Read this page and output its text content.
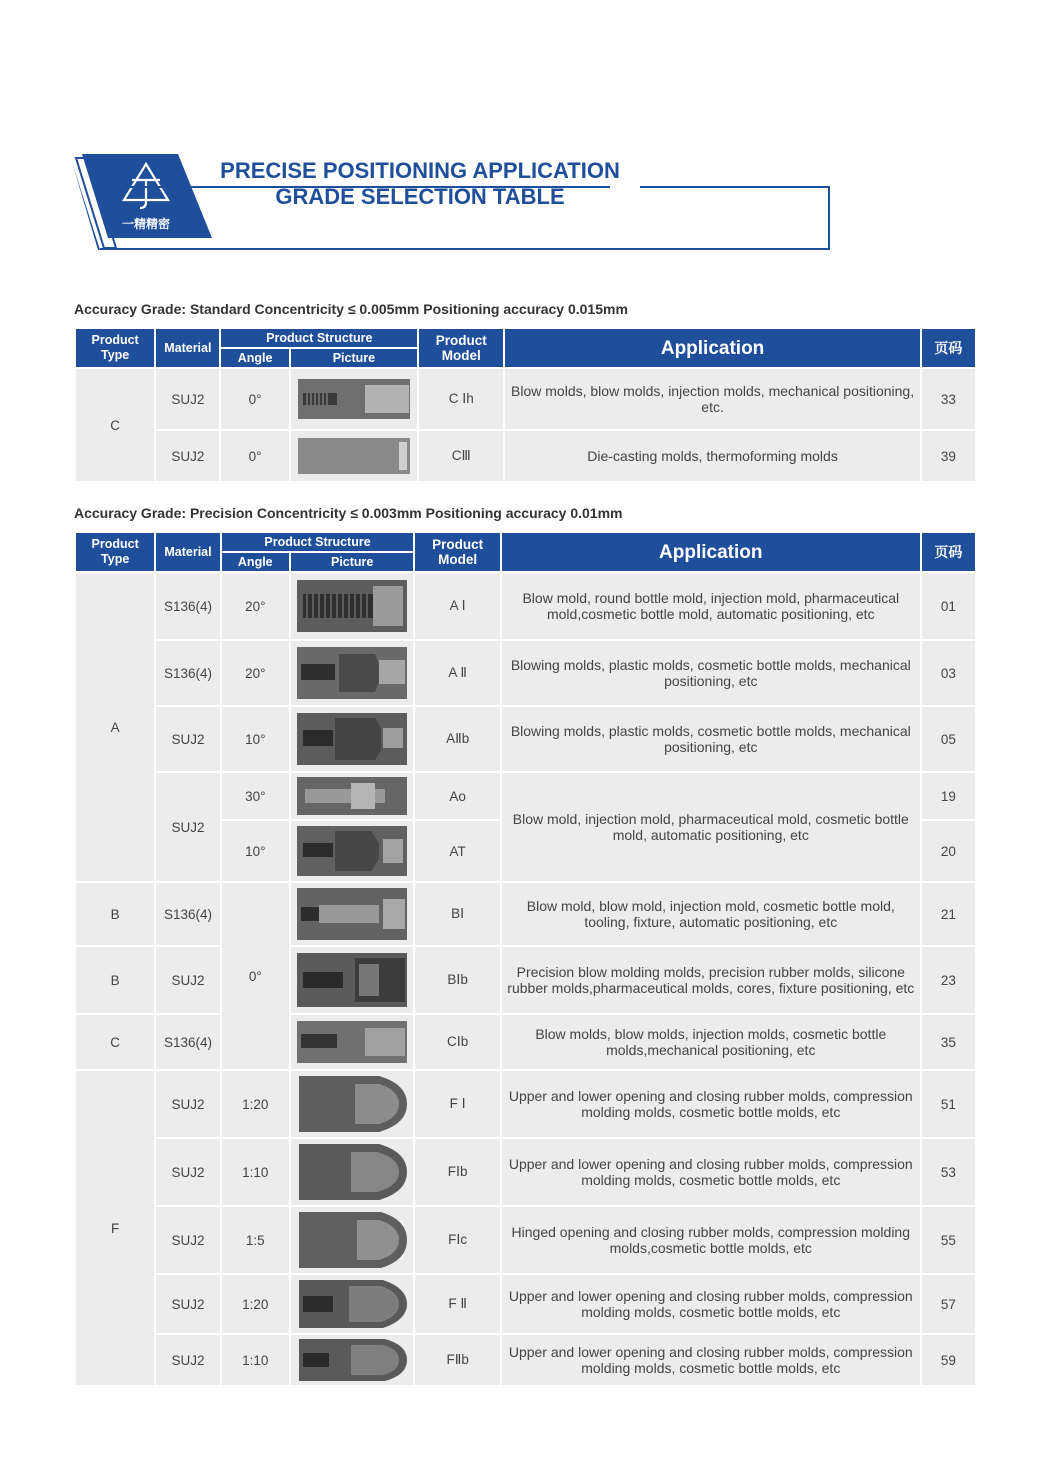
一精精密
PRECISE POSITIONING APPLICATION
GRADE SELECTION TABLE
Accuracy Grade: Standard Concentricity ≤ 0.005mm Positioning accuracy 0.015mm
Product Type	Material	Product Structure		Product Model	Application	页码
		Angle	Picture			
C	SUJ2	0°		C Ⅰh	Blow molds, blow molds, injection molds, mechanical positioning, etc.	33
	SUJ2	0°		CⅢ	Die-casting molds, thermoforming molds	39
Accuracy Grade: Precision Concentricity ≤ 0.003mm Positioning accuracy 0.01mm
Product Type	Material	Product Structure		Product Model	Application	页码
		Angle	Picture			
A	S136(4)	20°		A Ⅰ	Blow mold, round bottle mold, injection mold, pharmaceutical mold,cosmetic bottle mold, automatic positioning, etc	01
	S136(4)	20°		A Ⅱ	Blowing molds, plastic molds, cosmetic bottle molds, mechanical positioning, etc	03
	SUJ2	10°		AⅡb	Blowing molds, plastic molds, cosmetic bottle molds, mechanical positioning, etc	05
	SUJ2	30°		Ao	Blow mold, injection mold, pharmaceutical mold, cosmetic bottle mold, automatic positioning, etc	19
		10°		AT		20
B	S136(4)	0°		BⅠ	Blow mold, blow mold, injection mold, cosmetic bottle mold, tooling, fixture, automatic positioning, etc	21
B	SUJ2			BⅠb	Precision blow molding molds, precision rubber molds, silicone rubber molds,pharmaceutical molds, cores, fixture positioning, etc	23
C	S136(4)			CⅠb	Blow molds, blow molds, injection molds, cosmetic bottle molds,mechanical positioning, etc	35
F	SUJ2	1:20		F Ⅰ	Upper and lower opening and closing rubber molds, compression molding molds, cosmetic bottle molds, etc	51
	SUJ2	1:10		FⅠb	Upper and lower opening and closing rubber molds, compression molding molds, cosmetic bottle molds, etc	53
	SUJ2	1:5		FⅠc	Hinged opening and closing rubber molds, compression molding molds,cosmetic bottle molds, etc	55
	SUJ2	1:20		F Ⅱ	Upper and lower opening and closing rubber molds, compression molding molds, cosmetic bottle molds, etc	57
	SUJ2	1:10		FⅡb	Upper and lower opening and closing rubber molds, compression molding molds, cosmetic bottle molds, etc	59
